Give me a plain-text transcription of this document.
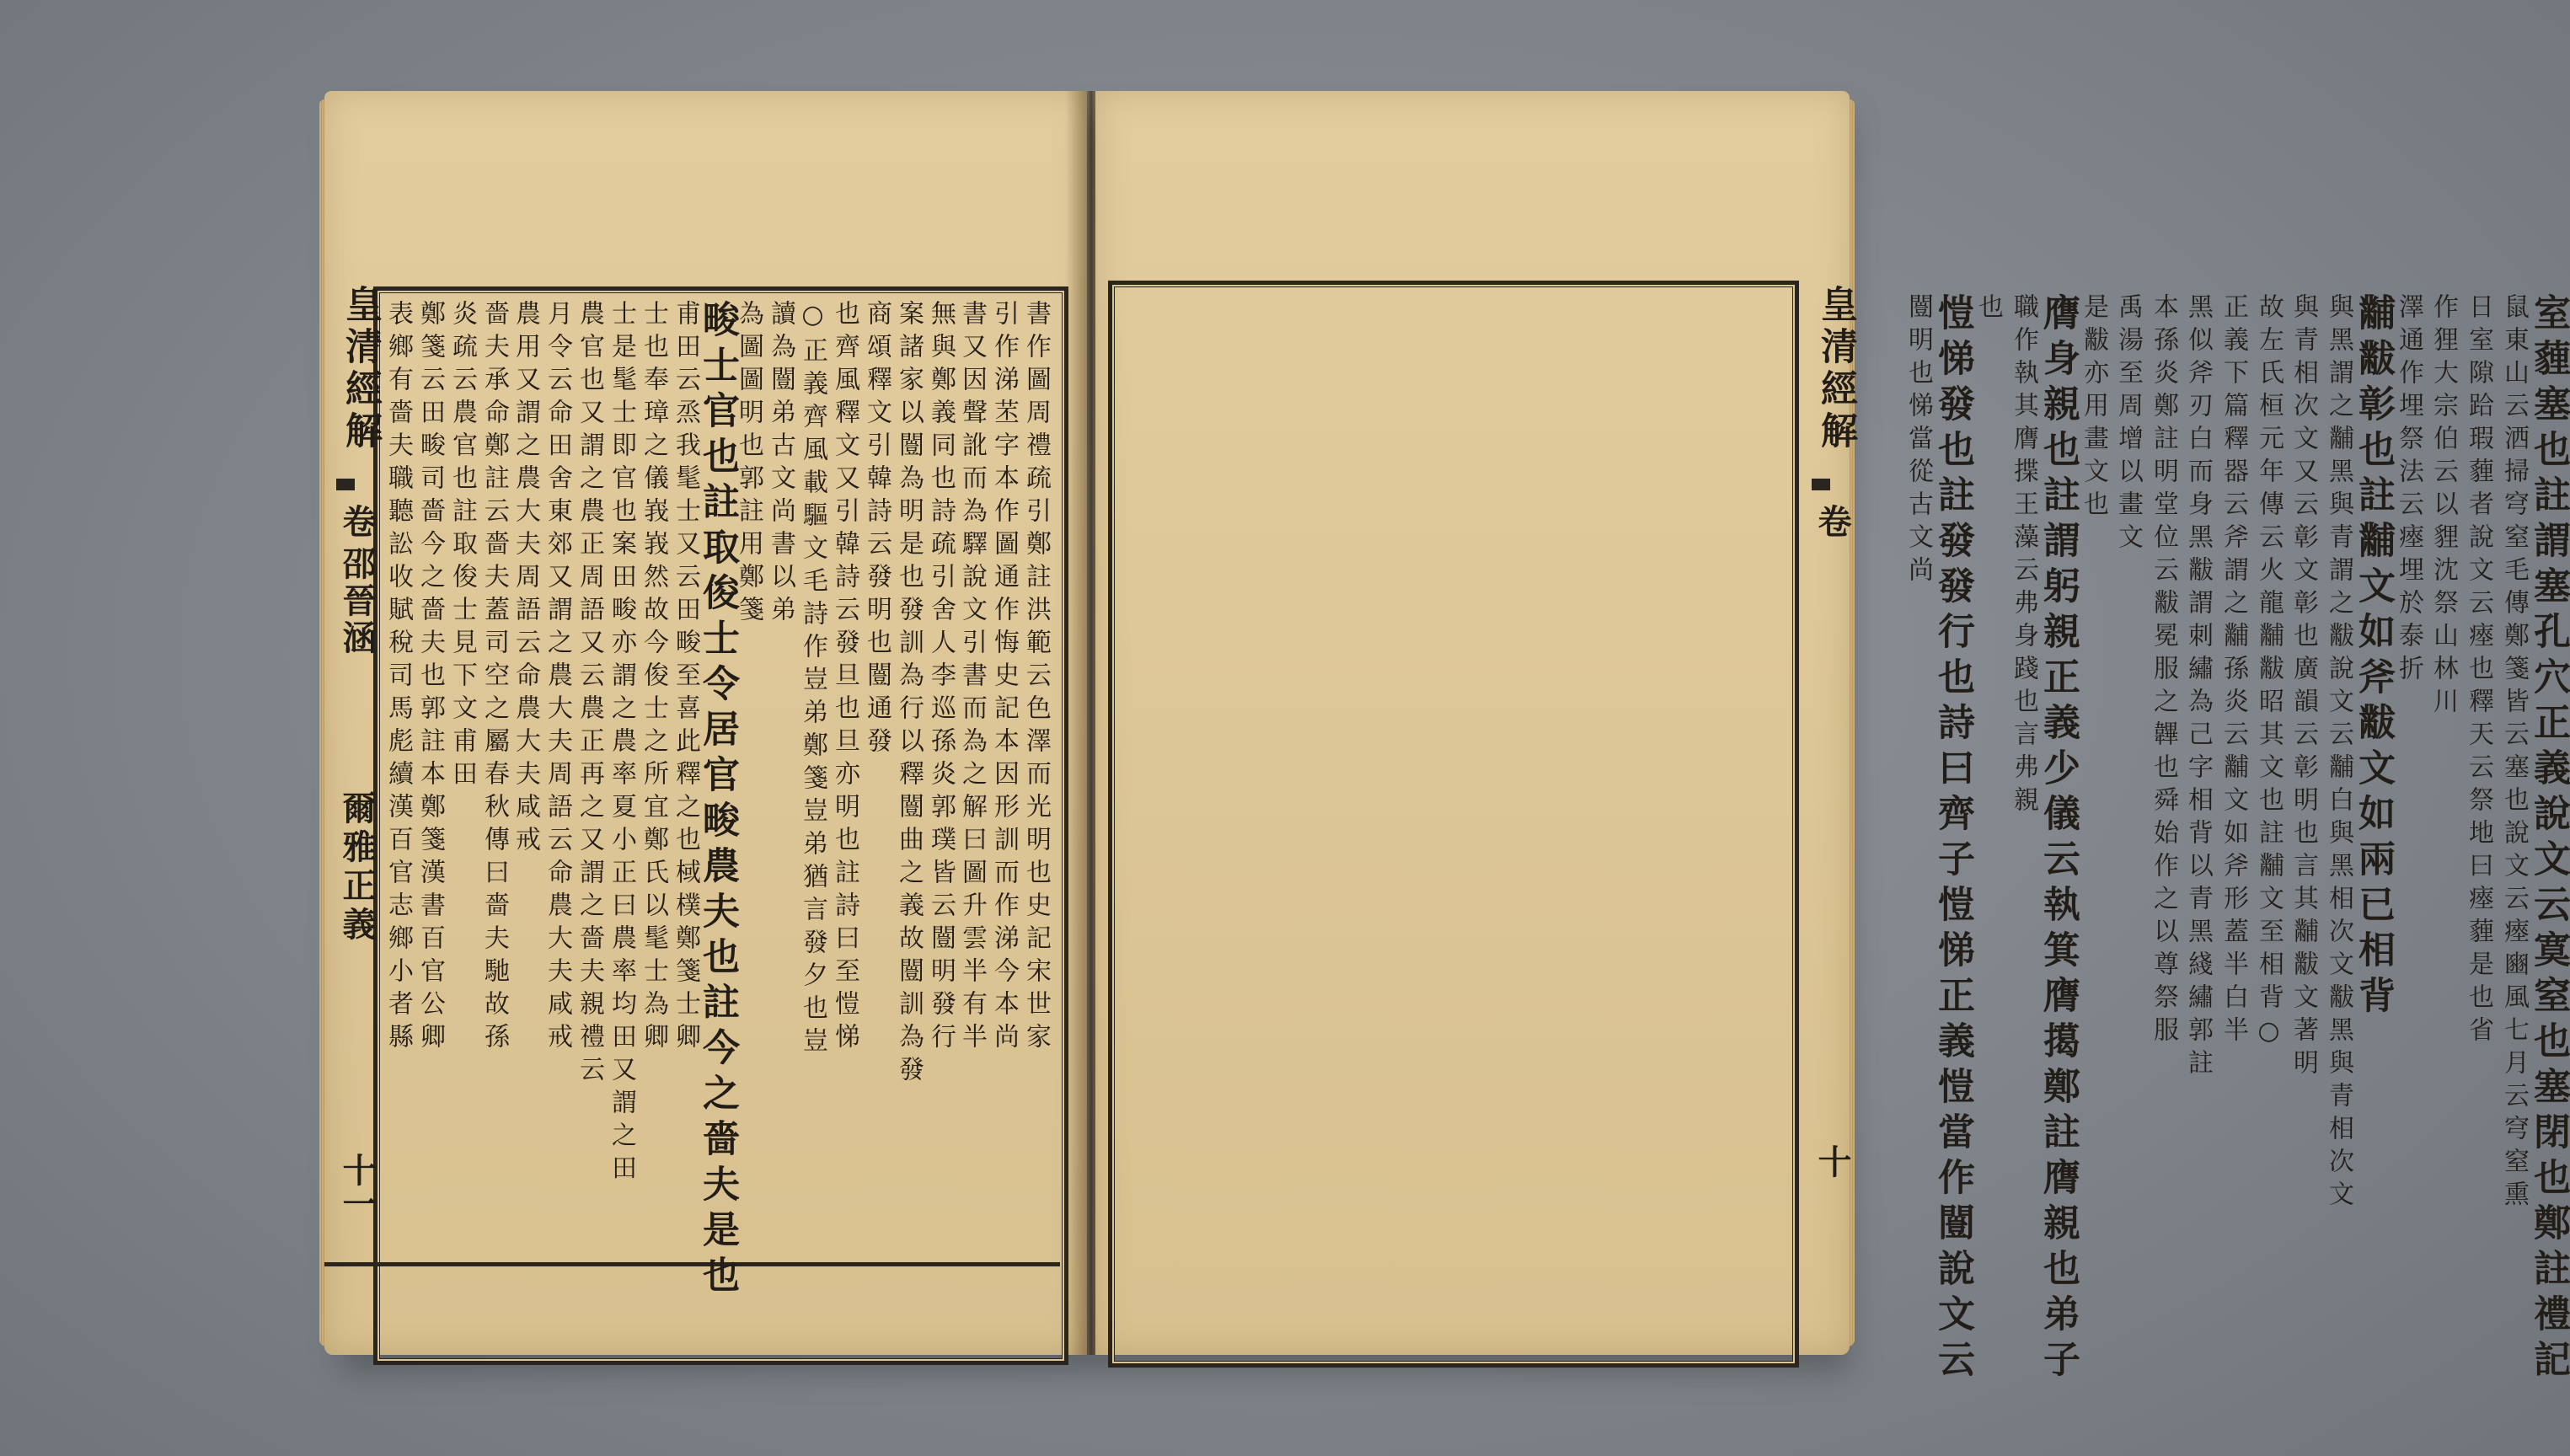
皇清經解
卷
邵晉涵
爾雅正義
十一
書作圖周禮疏引鄭註洪範云色澤而光明也史記宋世家
引作涕苤字本作圖通作悔史記本因形訓而作涕今本尚
書又因聲訛而為驛說文引書而為之解曰圖升雲半有半
無與鄭義同也詩疏引舍人李巡孫炎郭璞皆云闓明發行
案諸家以闓為明是也發訓為行以釋闓曲之義故闓訓為發
商頌釋文引韓詩云發明也闓通發
也齊風釋文又引韓詩云發旦也旦亦明也註詩曰至愷悌
○正義齊風載驅文毛詩作豈弟鄭箋豈弟猶言發夕也豈
讀為闓弟古文尚書以弟
為圖圖明也郭註用鄭箋
畯士官也註取俊士令居官畯農夫也註今之嗇夫是也
甫田云烝我髦士又云田畯至喜此釋之也棫樸鄭箋士卿
士也奉璋之儀峩峩然故今俊士之所宜鄭氏以髦士為卿
士是髦士即官也案田畯亦謂之農率夏小正曰農率均田又謂之田
農官也又謂之農正周語又云農正再之又謂之嗇夫親禮云
月令云命田舍東郊又謂之農大夫周語云命農大夫咸戒
農用又謂之農大夫周語云命農大夫咸戒
嗇夫承命鄭註云嗇夫蓋司空之屬春秋傳曰嗇夫馳故孫
炎疏云農官也註取俊士見下文甫田
鄭箋云田畯司嗇今之嗇夫也郭註本鄭箋漢書百官公卿
表鄉有嗇夫職聽訟收賦稅司馬彪續漢百官志鄉小者縣	皇清經解
卷
十	室薶塞也註謂塞孔穴正義說文云寞窒也塞閉也鄭註禮記
鼠東山云洒掃穹窒毛傳鄭箋皆云塞也說文云瘞豳風七月云穹窒熏
日室隙跲瑕薶者說文云瘞也釋天云祭地曰瘞薶是也省
作狸大宗伯云以貍沈祭山林川
澤通作埋祭法云瘞埋於泰折
黼黻彰也註黼文如斧黻文如兩已相背
與黑謂之黼黑與青謂之黻說文云黼白與黑相次文黻黑與青相次文
與青相次文又云彰文彰也廣韻云彰明也言其黼黻文著明
故左氏桓元年傳云火龍黼黻昭其文也註黼文至相背○
正義下篇釋器云斧謂之黼孫炎云黼文如斧形蓋半白半
黑似斧刃白而身黑黻謂刺繡為己字相背以青黑綫繡郭註
本孫炎鄭註明堂位云黻冕服之韠也舜始作之以尊祭服
禹湯至周增以畫文
是黻亦用畫文也
膺身親也註謂躬親正義少儀云執箕膺擖鄭註膺親也弟子
職作執其膺揲王藻云弗身踐也言弗親
也
愷悌發也註發發行也詩曰齊子愷悌正義愷當作闓說文云
闓明也悌當從古文尚
